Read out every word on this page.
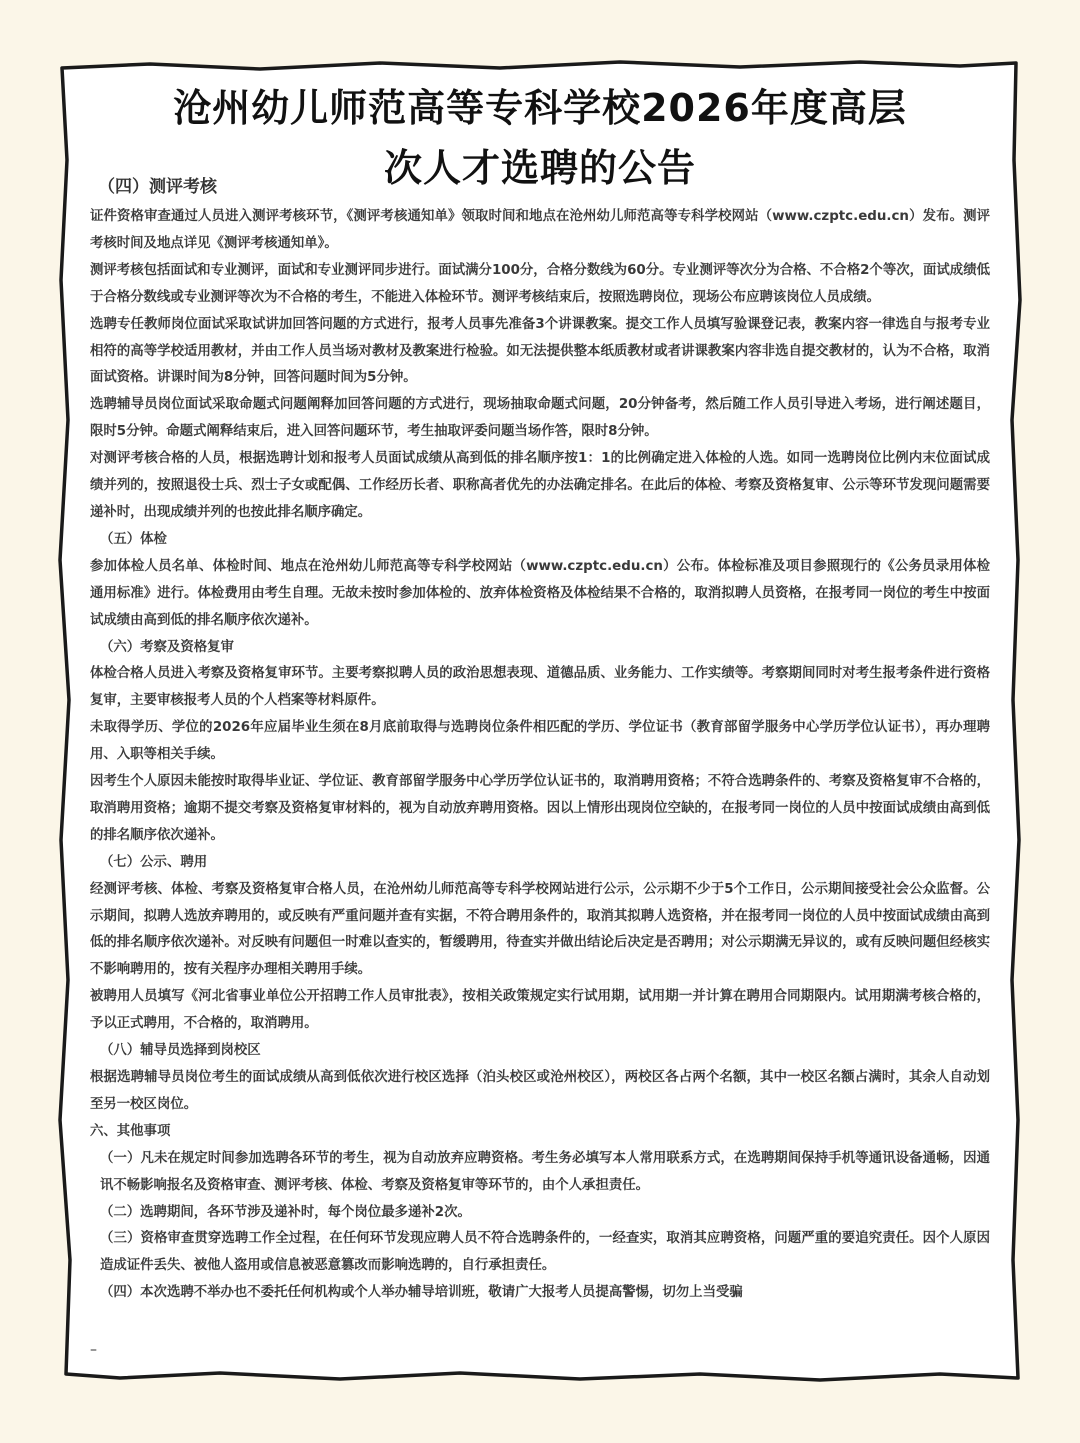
沧州幼儿师范高等专科学校2026年度高层
次人才选聘的公告
（四）测评考核

证件资格审查通过人员进入测评考核环节，《测评考核通知单》领取时间和地点在沧州幼儿师范高等专科学校网站（www.czptc.edu.cn）发布。测评考核时间及地点详见《测评考核通知单》。

测评考核包括面试和专业测评，面试和专业测评同步进行。面试满分100分，合格分数线为60分。专业测评等次分为合格、不合格2个等次，面试成绩低于合格分数线或专业测评等次为不合格的考生，不能进入体检环节。测评考核结束后，按照选聘岗位，现场公布应聘该岗位人员成绩。

选聘专任教师岗位面试采取试讲加回答问题的方式进行，报考人员事先准备3个讲课教案。提交工作人员填写验课登记表，教案内容一律选自与报考专业相符的高等学校适用教材，并由工作人员当场对教材及教案进行检验。如无法提供整本纸质教材或者讲课教案内容非选自提交教材的，认为不合格，取消面试资格。讲课时间为8分钟，回答问题时间为5分钟。

选聘辅导员岗位面试采取命题式问题阐释加回答问题的方式进行，现场抽取命题式问题，20分钟备考，然后随工作人员引导进入考场，进行阐述题目，限时5分钟。命题式阐释结束后，进入回答问题环节，考生抽取评委问题当场作答，限时8分钟。

对测评考核合格的人员，根据选聘计划和报考人员面试成绩从高到低的排名顺序按1：1的比例确定进入体检的人选。如同一选聘岗位比例内末位面试成绩并列的，按照退役士兵、烈士子女或配偶、工作经历长者、职称高者优先的办法确定排名。在此后的体检、考察及资格复审、公示等环节发现问题需要递补时，出现成绩并列的也按此排名顺序确定。

（五）体检

参加体检人员名单、体检时间、地点在沧州幼儿师范高等专科学校网站（www.czptc.edu.cn）公布。体检标准及项目参照现行的《公务员录用体检通用标准》进行。体检费用由考生自理。无故未按时参加体检的、放弃体检资格及体检结果不合格的，取消拟聘人员资格，在报考同一岗位的考生中按面试成绩由高到低的排名顺序依次递补。

（六）考察及资格复审

体检合格人员进入考察及资格复审环节。主要考察拟聘人员的政治思想表现、道德品质、业务能力、工作实绩等。考察期间同时对考生报考条件进行资格复审，主要审核报考人员的个人档案等材料原件。

未取得学历、学位的2026年应届毕业生须在8月底前取得与选聘岗位条件相匹配的学历、学位证书（教育部留学服务中心学历学位认证书），再办理聘用、入职等相关手续。

因考生个人原因未能按时取得毕业证、学位证、教育部留学服务中心学历学位认证书的，取消聘用资格；不符合选聘条件的、考察及资格复审不合格的，取消聘用资格；逾期不提交考察及资格复审材料的，视为自动放弃聘用资格。因以上情形出现岗位空缺的，在报考同一岗位的人员中按面试成绩由高到低的排名顺序依次递补。

（七）公示、聘用

经测评考核、体检、考察及资格复审合格人员，在沧州幼儿师范高等专科学校网站进行公示，公示期不少于5个工作日，公示期间接受社会公众监督。公示期间，拟聘人选放弃聘用的，或反映有严重问题并查有实据，不符合聘用条件的，取消其拟聘人选资格，并在报考同一岗位的人员中按面试成绩由高到低的排名顺序依次递补。对反映有问题但一时难以查实的，暂缓聘用，待查实并做出结论后决定是否聘用；对公示期满无异议的，或有反映问题但经核实不影响聘用的，按有关程序办理相关聘用手续。

被聘用人员填写《河北省事业单位公开招聘工作人员审批表》，按相关政策规定实行试用期，试用期一并计算在聘用合同期限内。试用期满考核合格的，予以正式聘用，不合格的，取消聘用。

（八）辅导员选择到岗校区

根据选聘辅导员岗位考生的面试成绩从高到低依次进行校区选择（泊头校区或沧州校区），两校区各占两个名额，其中一校区名额占满时，其余人自动划至另一校区岗位。

六、其他事项

（一）凡未在规定时间参加选聘各环节的考生，视为自动放弃应聘资格。考生务必填写本人常用联系方式，在选聘期间保持手机等通讯设备通畅，因通讯不畅影响报名及资格审查、测评考核、体检、考察及资格复审等环节的，由个人承担责任。

（二）选聘期间，各环节涉及递补时，每个岗位最多递补2次。

（三）资格审查贯穿选聘工作全过程，在任何环节发现应聘人员不符合选聘条件的，一经查实，取消其应聘资格，问题严重的要追究责任。因个人原因造成证件丢失、被他人盗用或信息被恶意篡改而影响选聘的，自行承担责任。

（四）本次选聘不举办也不委托任何机构或个人举办辅导培训班，敬请广大报考人员提高警惕，切勿上当受骗

–
